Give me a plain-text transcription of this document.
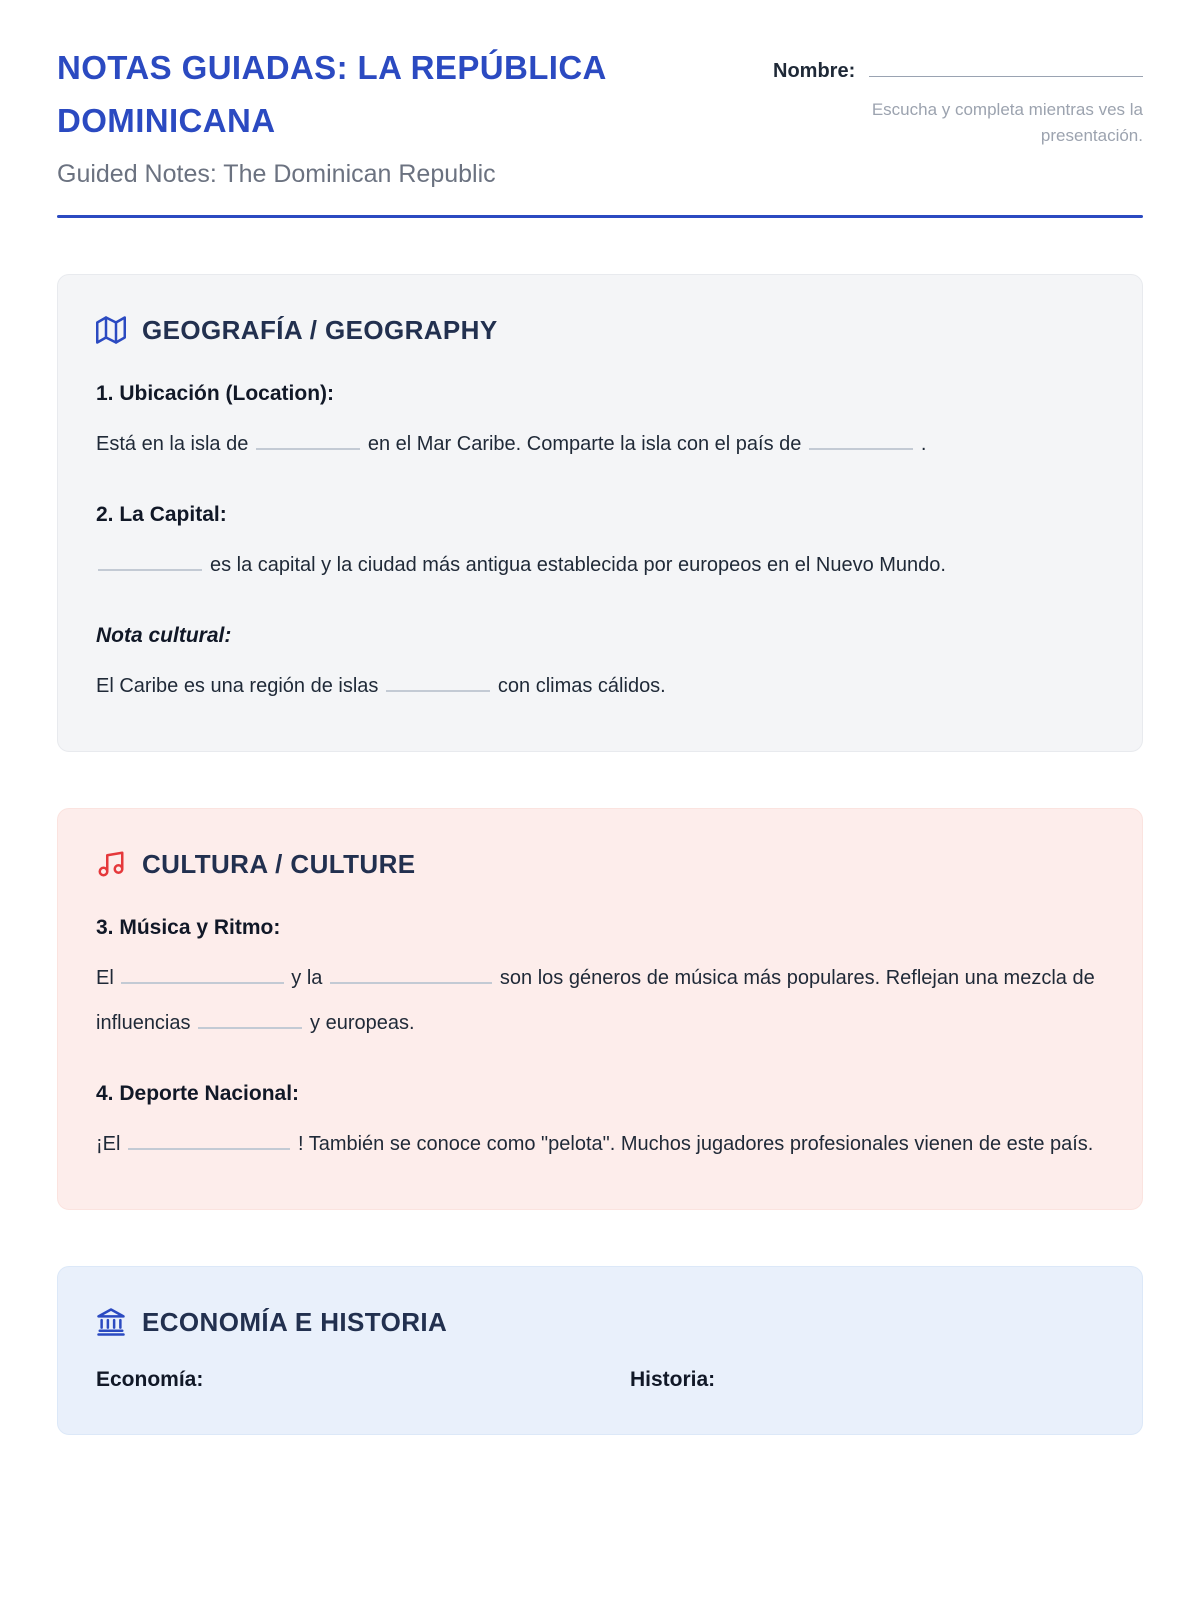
NOTAS GUIADAS: LA REPÚBLICA DOMINICANA
Guided Notes: The Dominican Republic
Nombre:
Escucha y completa mientras ves la presentación.
GEOGRAFÍA / GEOGRAPHY

1. Ubicación (Location):

Está en la isla de	en el Mar Caribe. Comparte la isla con el país de	.

2. La Capital:

es la capital y la ciudad más antigua establecida por europeos en el Nuevo Mundo.

Nota cultural:

El Caribe es una región de islas	con climas cálidos.

CULTURA / CULTURE

3. Música y Ritmo:

El	y la	son los géneros de música más populares. Reflejan una mezcla de influencias	y europeas.

4. Deporte Nacional:

¡El	! También se conoce como "pelota". Muchos jugadores profesionales vienen de este país.

ECONOMÍA E HISTORIA

Economía:	Historia:
